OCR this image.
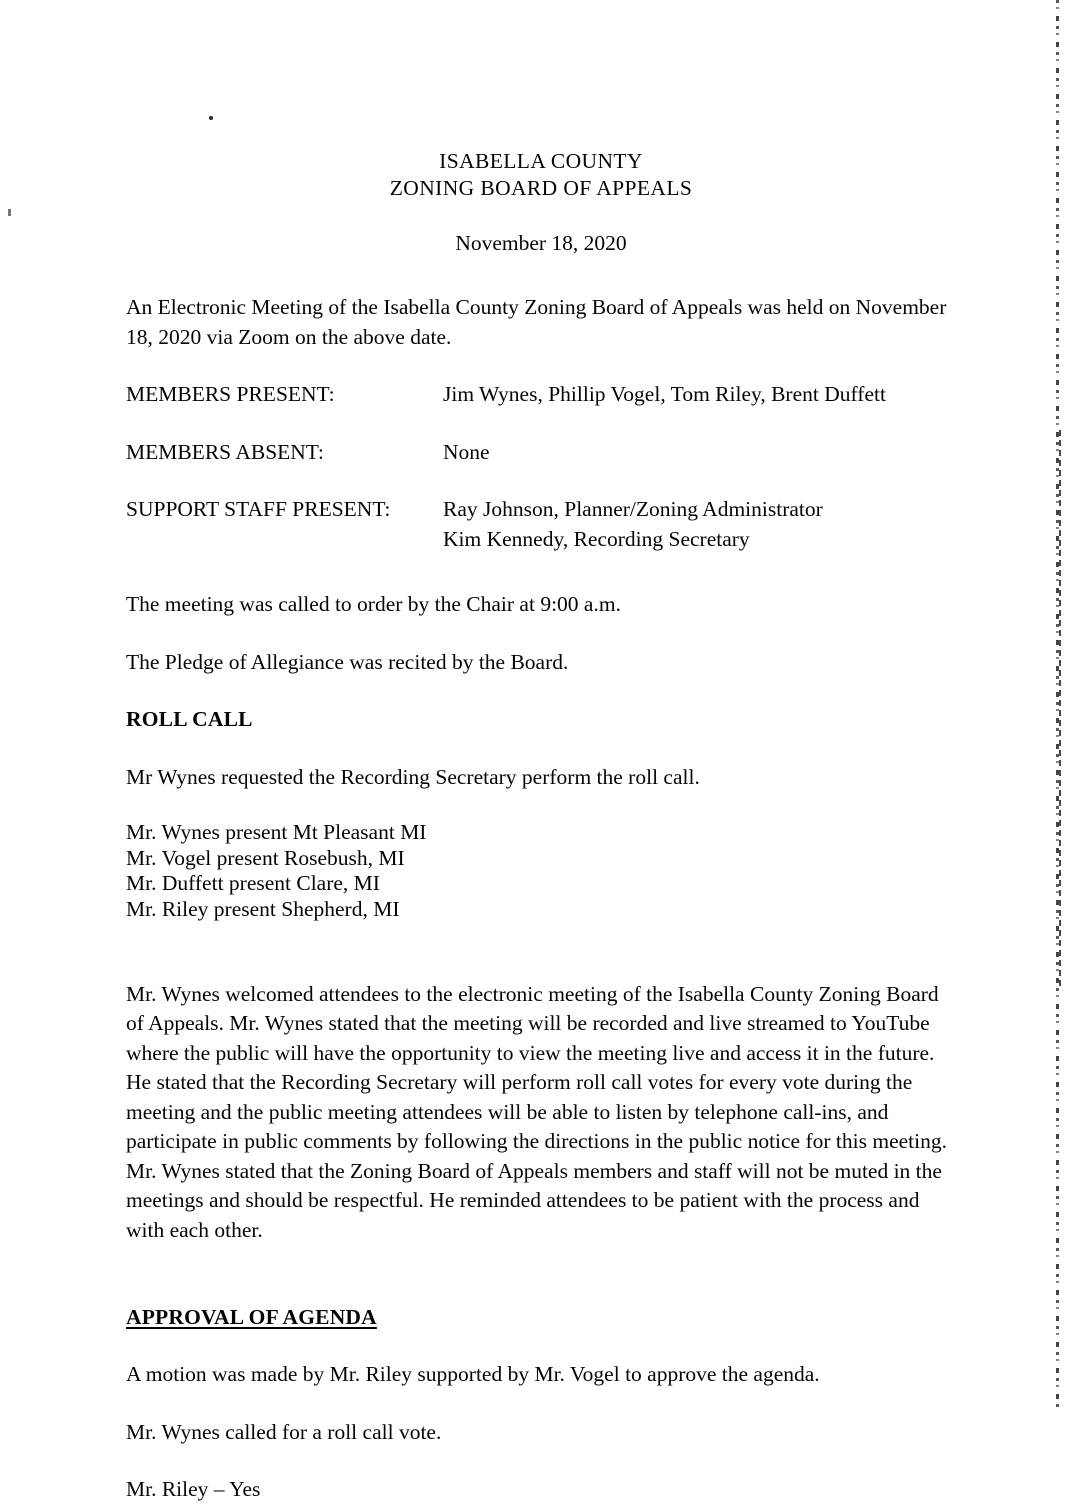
ISABELLA COUNTY
ZONING BOARD OF APPEALS
November 18, 2020

An Electronic Meeting of the Isabella County Zoning Board of Appeals was held on November 18, 2020 via Zoom on the above date.

MEMBERS PRESENT:	Jim Wynes, Phillip Vogel, Tom Riley, Brent Duffett
MEMBERS ABSENT:	None
SUPPORT STAFF PRESENT:	Ray Johnson, Planner/Zoning Administrator
Kim Kennedy, Recording Secretary

The meeting was called to order by the Chair at 9:00 a.m.

The Pledge of Allegiance was recited by the Board.

ROLL CALL

Mr Wynes requested the Recording Secretary perform the roll call.

Mr. Wynes present Mt Pleasant MI
Mr. Vogel present Rosebush, MI
Mr. Duffett present Clare, MI
Mr. Riley present Shepherd, MI

Mr. Wynes welcomed attendees to the electronic meeting of the Isabella County Zoning Board of Appeals. Mr. Wynes stated that the meeting will be recorded and live streamed to YouTube where the public will have the opportunity to view the meeting live and access it in the future. He stated that the Recording Secretary will perform roll call votes for every vote during the meeting and the public meeting attendees will be able to listen by telephone call-ins, and participate in public comments by following the directions in the public notice for this meeting. Mr. Wynes stated that the Zoning Board of Appeals members and staff will not be muted in the meetings and should be respectful. He reminded attendees to be patient with the process and with each other.

APPROVAL OF AGENDA

A motion was made by Mr. Riley supported by Mr. Vogel to approve the agenda.

Mr. Wynes called for a roll call vote.

Mr. Riley – Yes
